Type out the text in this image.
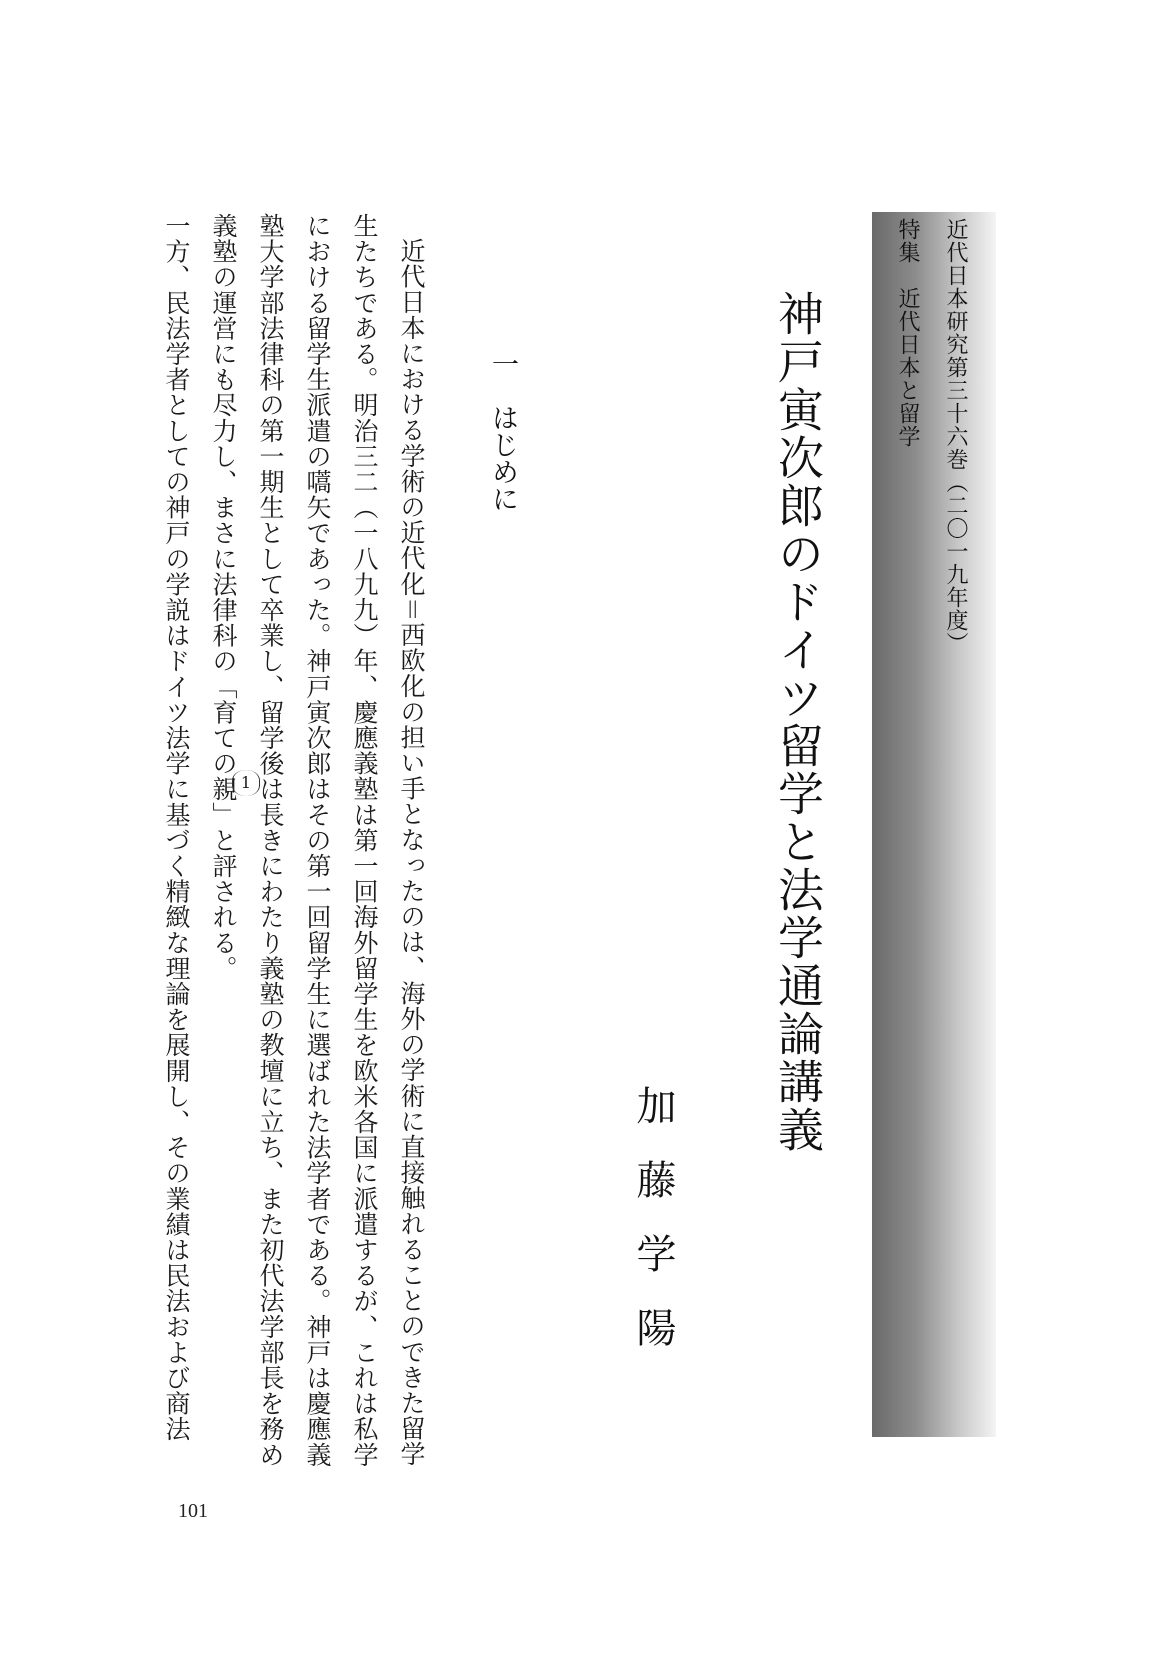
近代日本研究第三十六巻（二〇一九年度）

特集　近代日本と留学

神戸寅次郎のドイツ留学と法学通論講義

加藤学陽

一　はじめに

近代日本における学術の近代化＝西欧化の担い手となったのは、海外の学術に直接触れることのできた留学

生たちである。明治三二（一八九九）年、慶應義塾は第一回海外留学生を欧米各国に派遣するが、これは私学

における留学生派遣の嚆矢であった。神戸寅次郎はその第一回留学生に選ばれた法学者である。神戸は慶應義

塾大学部法律科の第一期生として卒業し、留学後は長きにわたり義塾の教壇に立ち、また初代法学部長を務め

義塾の運営にも尽力し、まさに法律科の「育ての親」と評される。

一方、民法学者としての神戸の学説はドイツ法学に基づく精緻な理論を展開し、その業績は民法および商法	1
101
